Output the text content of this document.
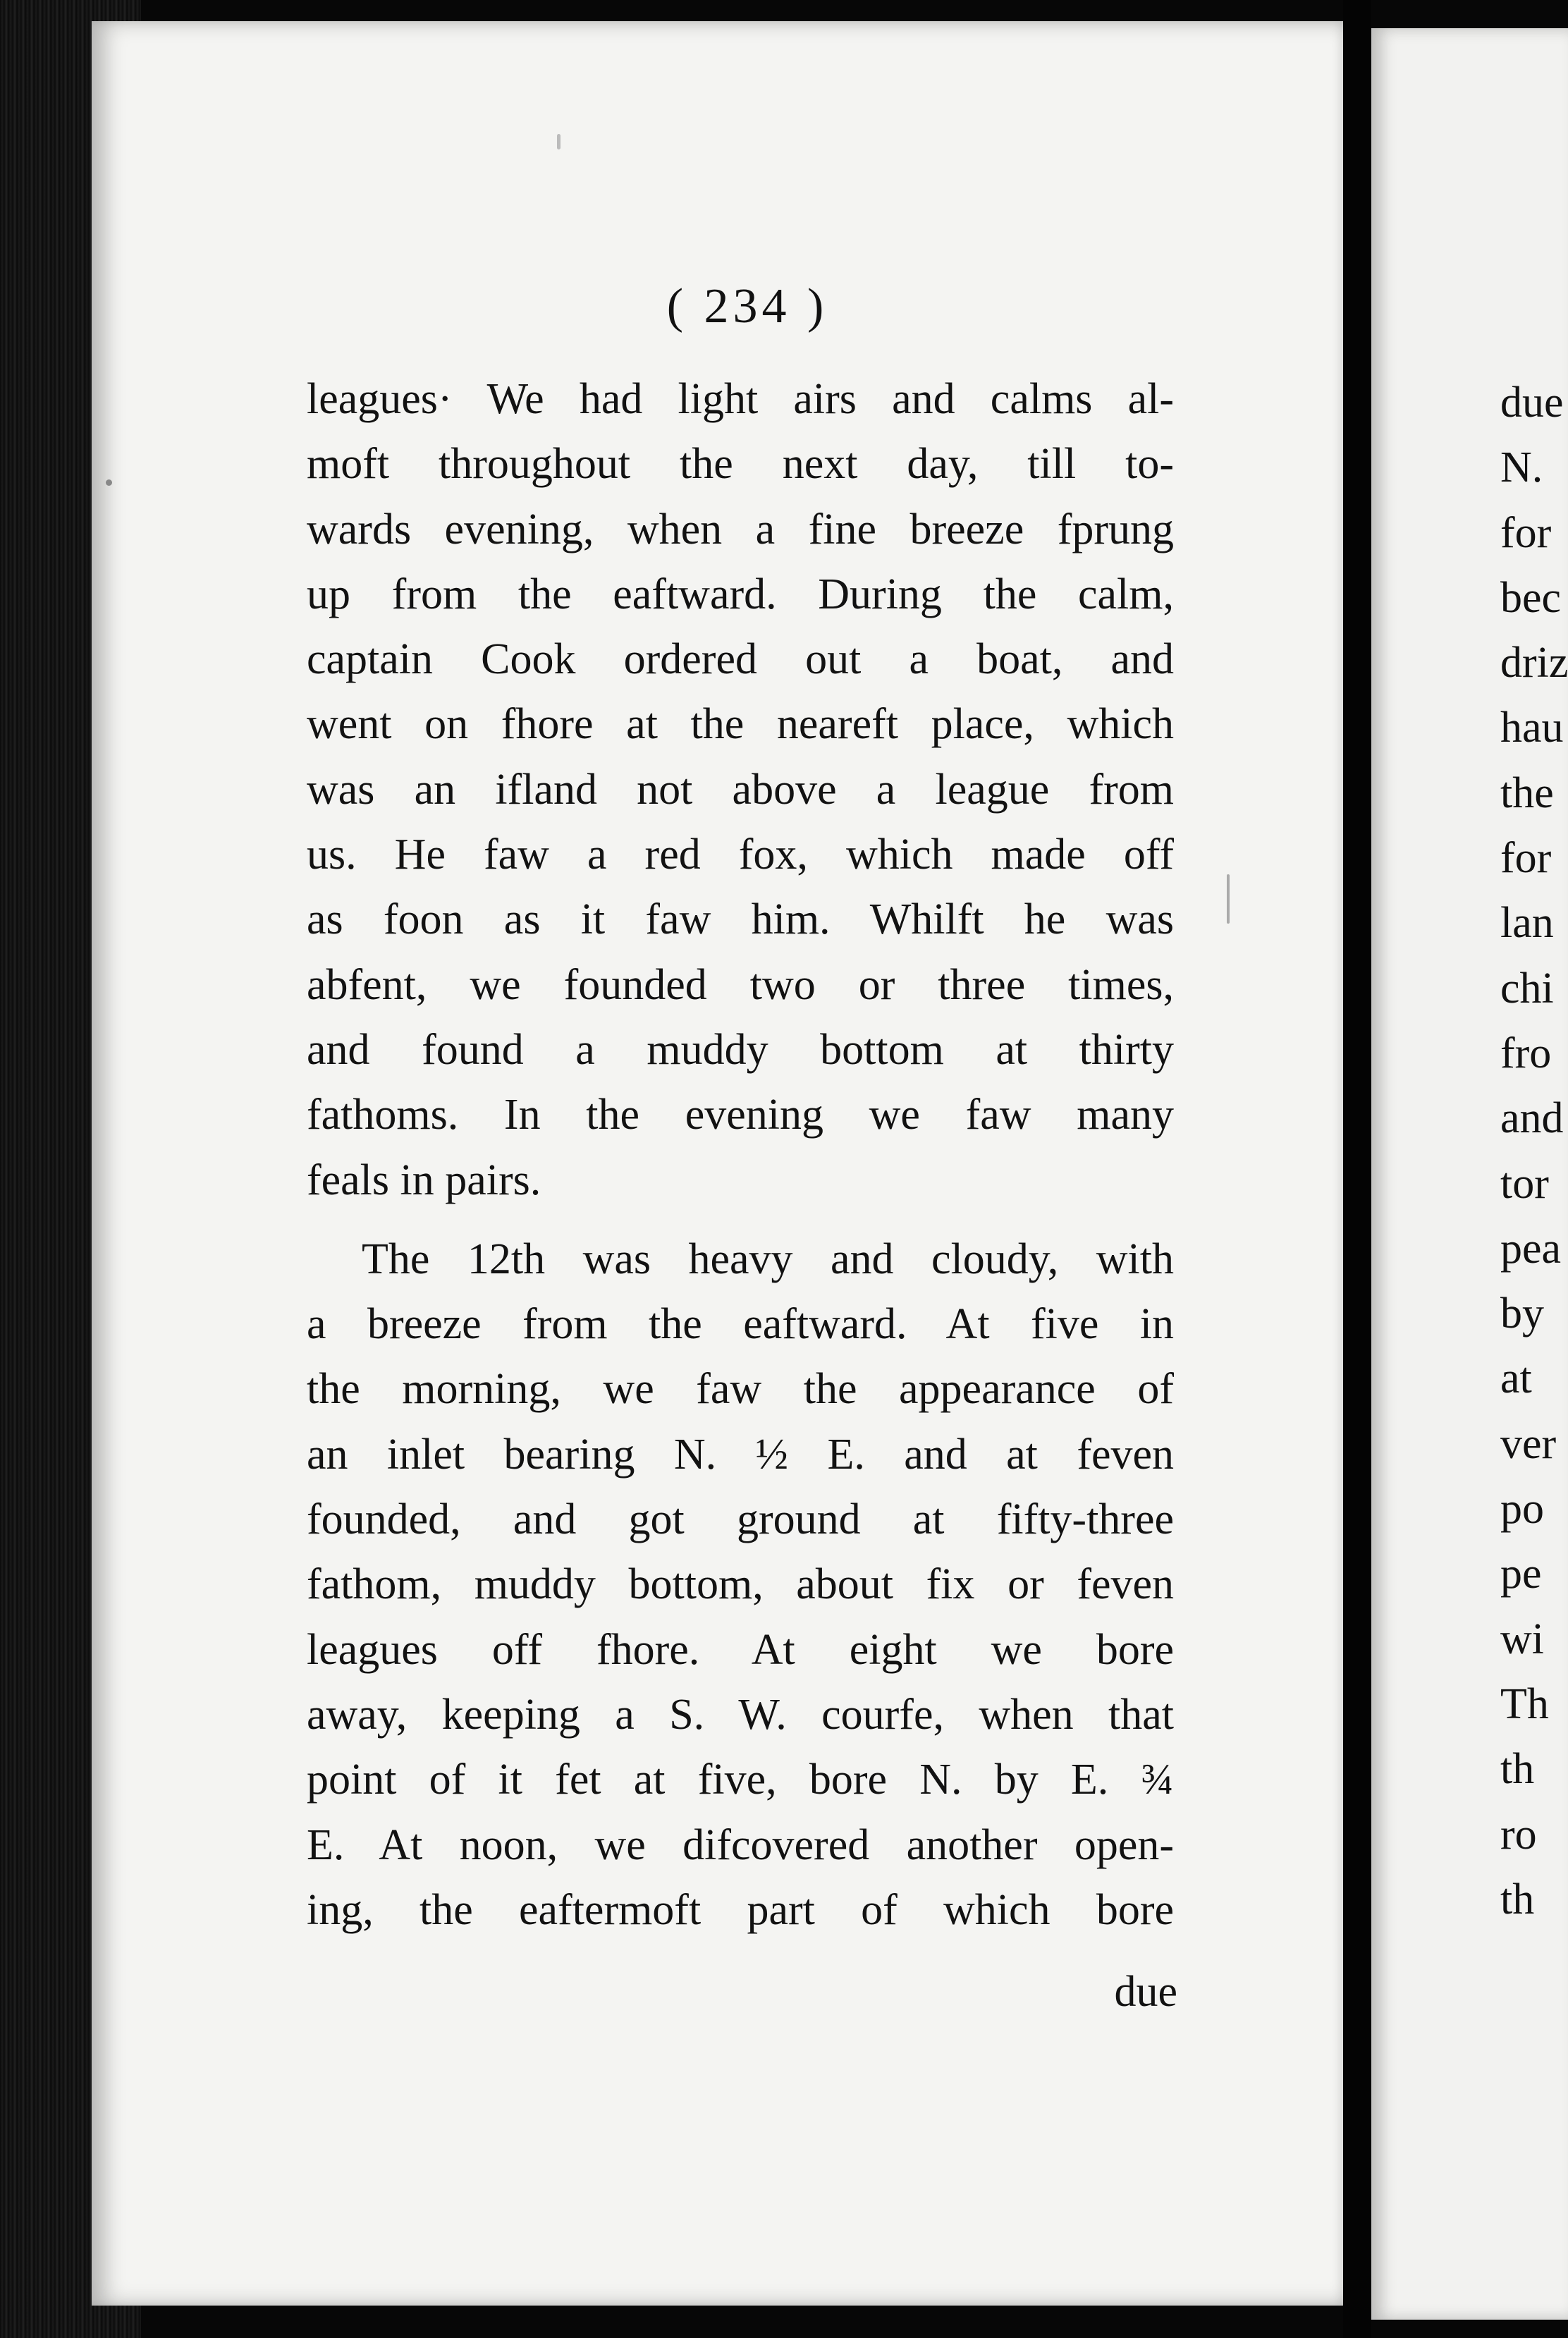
( 234 )

leagues· We had light airs and calms al-
moft throughout the next day, till to-
wards evening, when a fine breeze fprung
up from the eaftward. During the calm,
captain Cook ordered out a boat, and
went on fhore at the neareft place, which
was an ifland not above a league from
us. He faw a red fox, which made off
as foon as it faw him. Whilft he was
abfent, we founded two or three times,
and found a muddy bottom at thirty
fathoms. In the evening we faw many
feals in pairs.

The 12th was heavy and cloudy, with
a breeze from the eaftward. At five in
the morning, we faw the appearance of
an inlet bearing N. ½ E. and at feven
founded, and got ground at fifty-three
fathom, muddy bottom, about fix or feven
leagues off fhore. At eight we bore
away, keeping a S. W. courfe, when that
point of it fet at five, bore N. by E. ¾
E. At noon, we difcovered another open-
ing, the eaftermoft part of which bore

due
due
N.
for
bec
driz
hau
the
for
lan
chi
fro
and
tor
pea
by
at
ver
po
pe
wi
Th
th
ro
th
